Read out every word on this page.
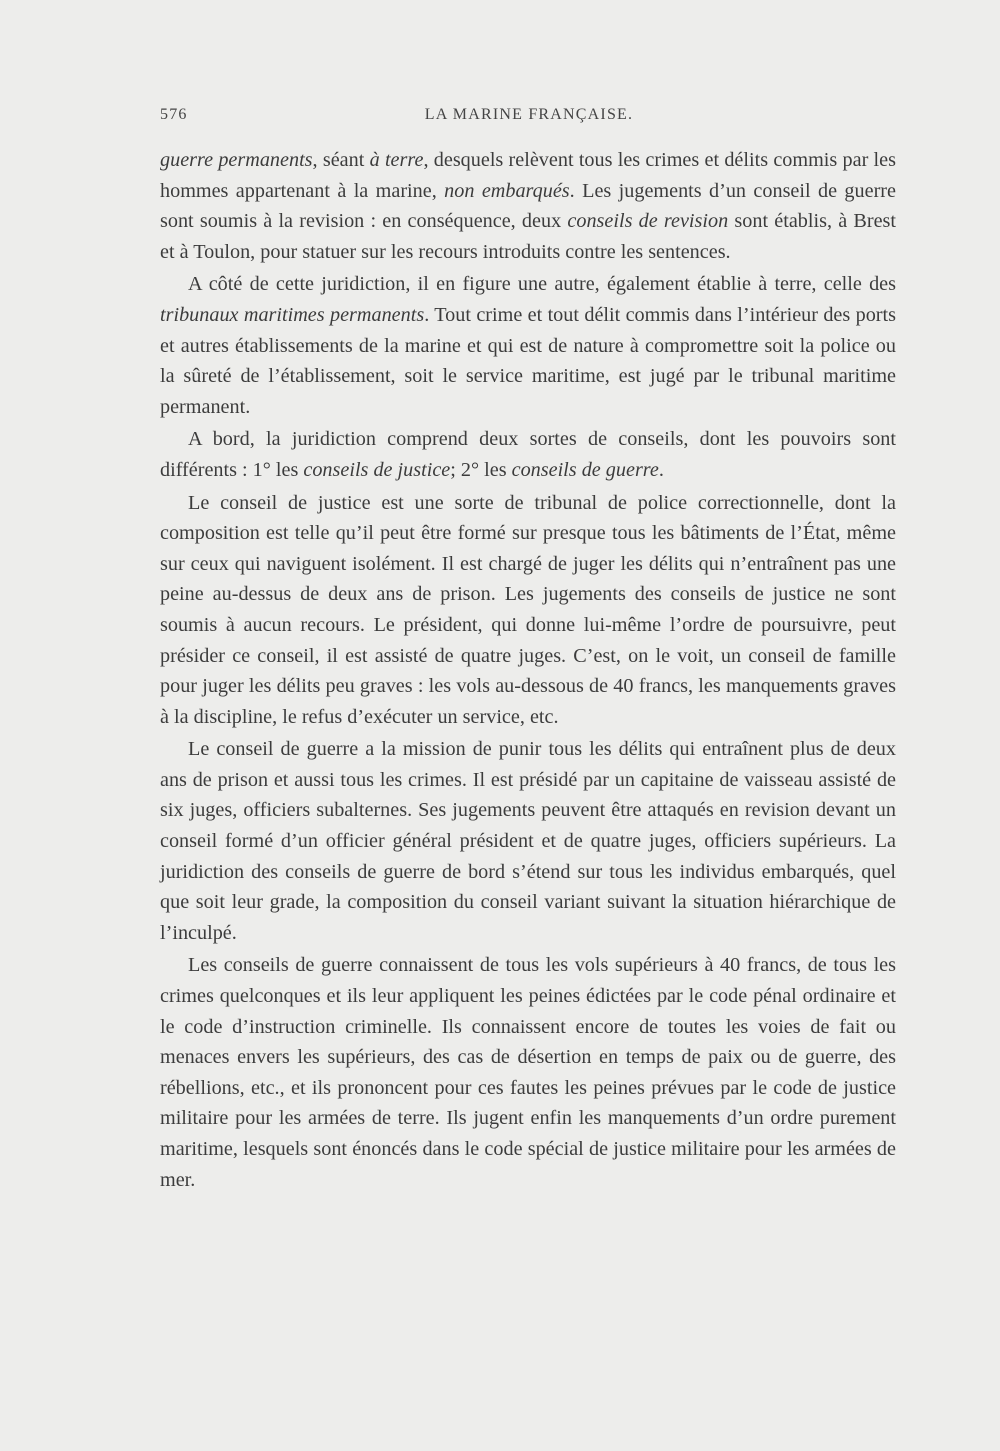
576	LA MARINE FRANÇAISE.

guerre permanents, séant à terre, desquels relèvent tous les crimes et délits commis par les hommes appartenant à la marine, non embarqués. Les jugements d’un conseil de guerre sont soumis à la revision : en conséquence, deux conseils de revision sont établis, à Brest et à Toulon, pour statuer sur les recours introduits contre les sentences.

A côté de cette juridiction, il en figure une autre, également établie à terre, celle des tribunaux maritimes permanents. Tout crime et tout délit commis dans l’intérieur des ports et autres établissements de la marine et qui est de nature à compromettre soit la police ou la sûreté de l’établissement, soit le service maritime, est jugé par le tribunal maritime permanent.

A bord, la juridiction comprend deux sortes de conseils, dont les pouvoirs sont différents : 1° les conseils de justice; 2° les conseils de guerre.

Le conseil de justice est une sorte de tribunal de police correctionnelle, dont la composition est telle qu’il peut être formé sur presque tous les bâtiments de l’État, même sur ceux qui naviguent isolément. Il est chargé de juger les délits qui n’entraînent pas une peine au-dessus de deux ans de prison. Les jugements des conseils de justice ne sont soumis à aucun recours. Le président, qui donne lui-même l’ordre de poursuivre, peut présider ce conseil, il est assisté de quatre juges. C’est, on le voit, un conseil de famille pour juger les délits peu graves : les vols au-dessous de 40 francs, les manquements graves à la discipline, le refus d’exécuter un service, etc.

Le conseil de guerre a la mission de punir tous les délits qui entraînent plus de deux ans de prison et aussi tous les crimes. Il est présidé par un capitaine de vaisseau assisté de six juges, officiers subalternes. Ses jugements peuvent être attaqués en revision devant un conseil formé d’un officier général président et de quatre juges, officiers supérieurs. La juridiction des conseils de guerre de bord s’étend sur tous les individus embarqués, quel que soit leur grade, la composition du conseil variant suivant la situation hiérarchique de l’inculpé.

Les conseils de guerre connaissent de tous les vols supérieurs à 40 francs, de tous les crimes quelconques et ils leur appliquent les peines édictées par le code pénal ordinaire et le code d’instruction criminelle. Ils connaissent encore de toutes les voies de fait ou menaces envers les supérieurs, des cas de désertion en temps de paix ou de guerre, des rébellions, etc., et ils prononcent pour ces fautes les peines prévues par le code de justice militaire pour les armées de terre. Ils jugent enfin les manquements d’un ordre purement maritime, lesquels sont énoncés dans le code spécial de justice militaire pour les armées de mer.
